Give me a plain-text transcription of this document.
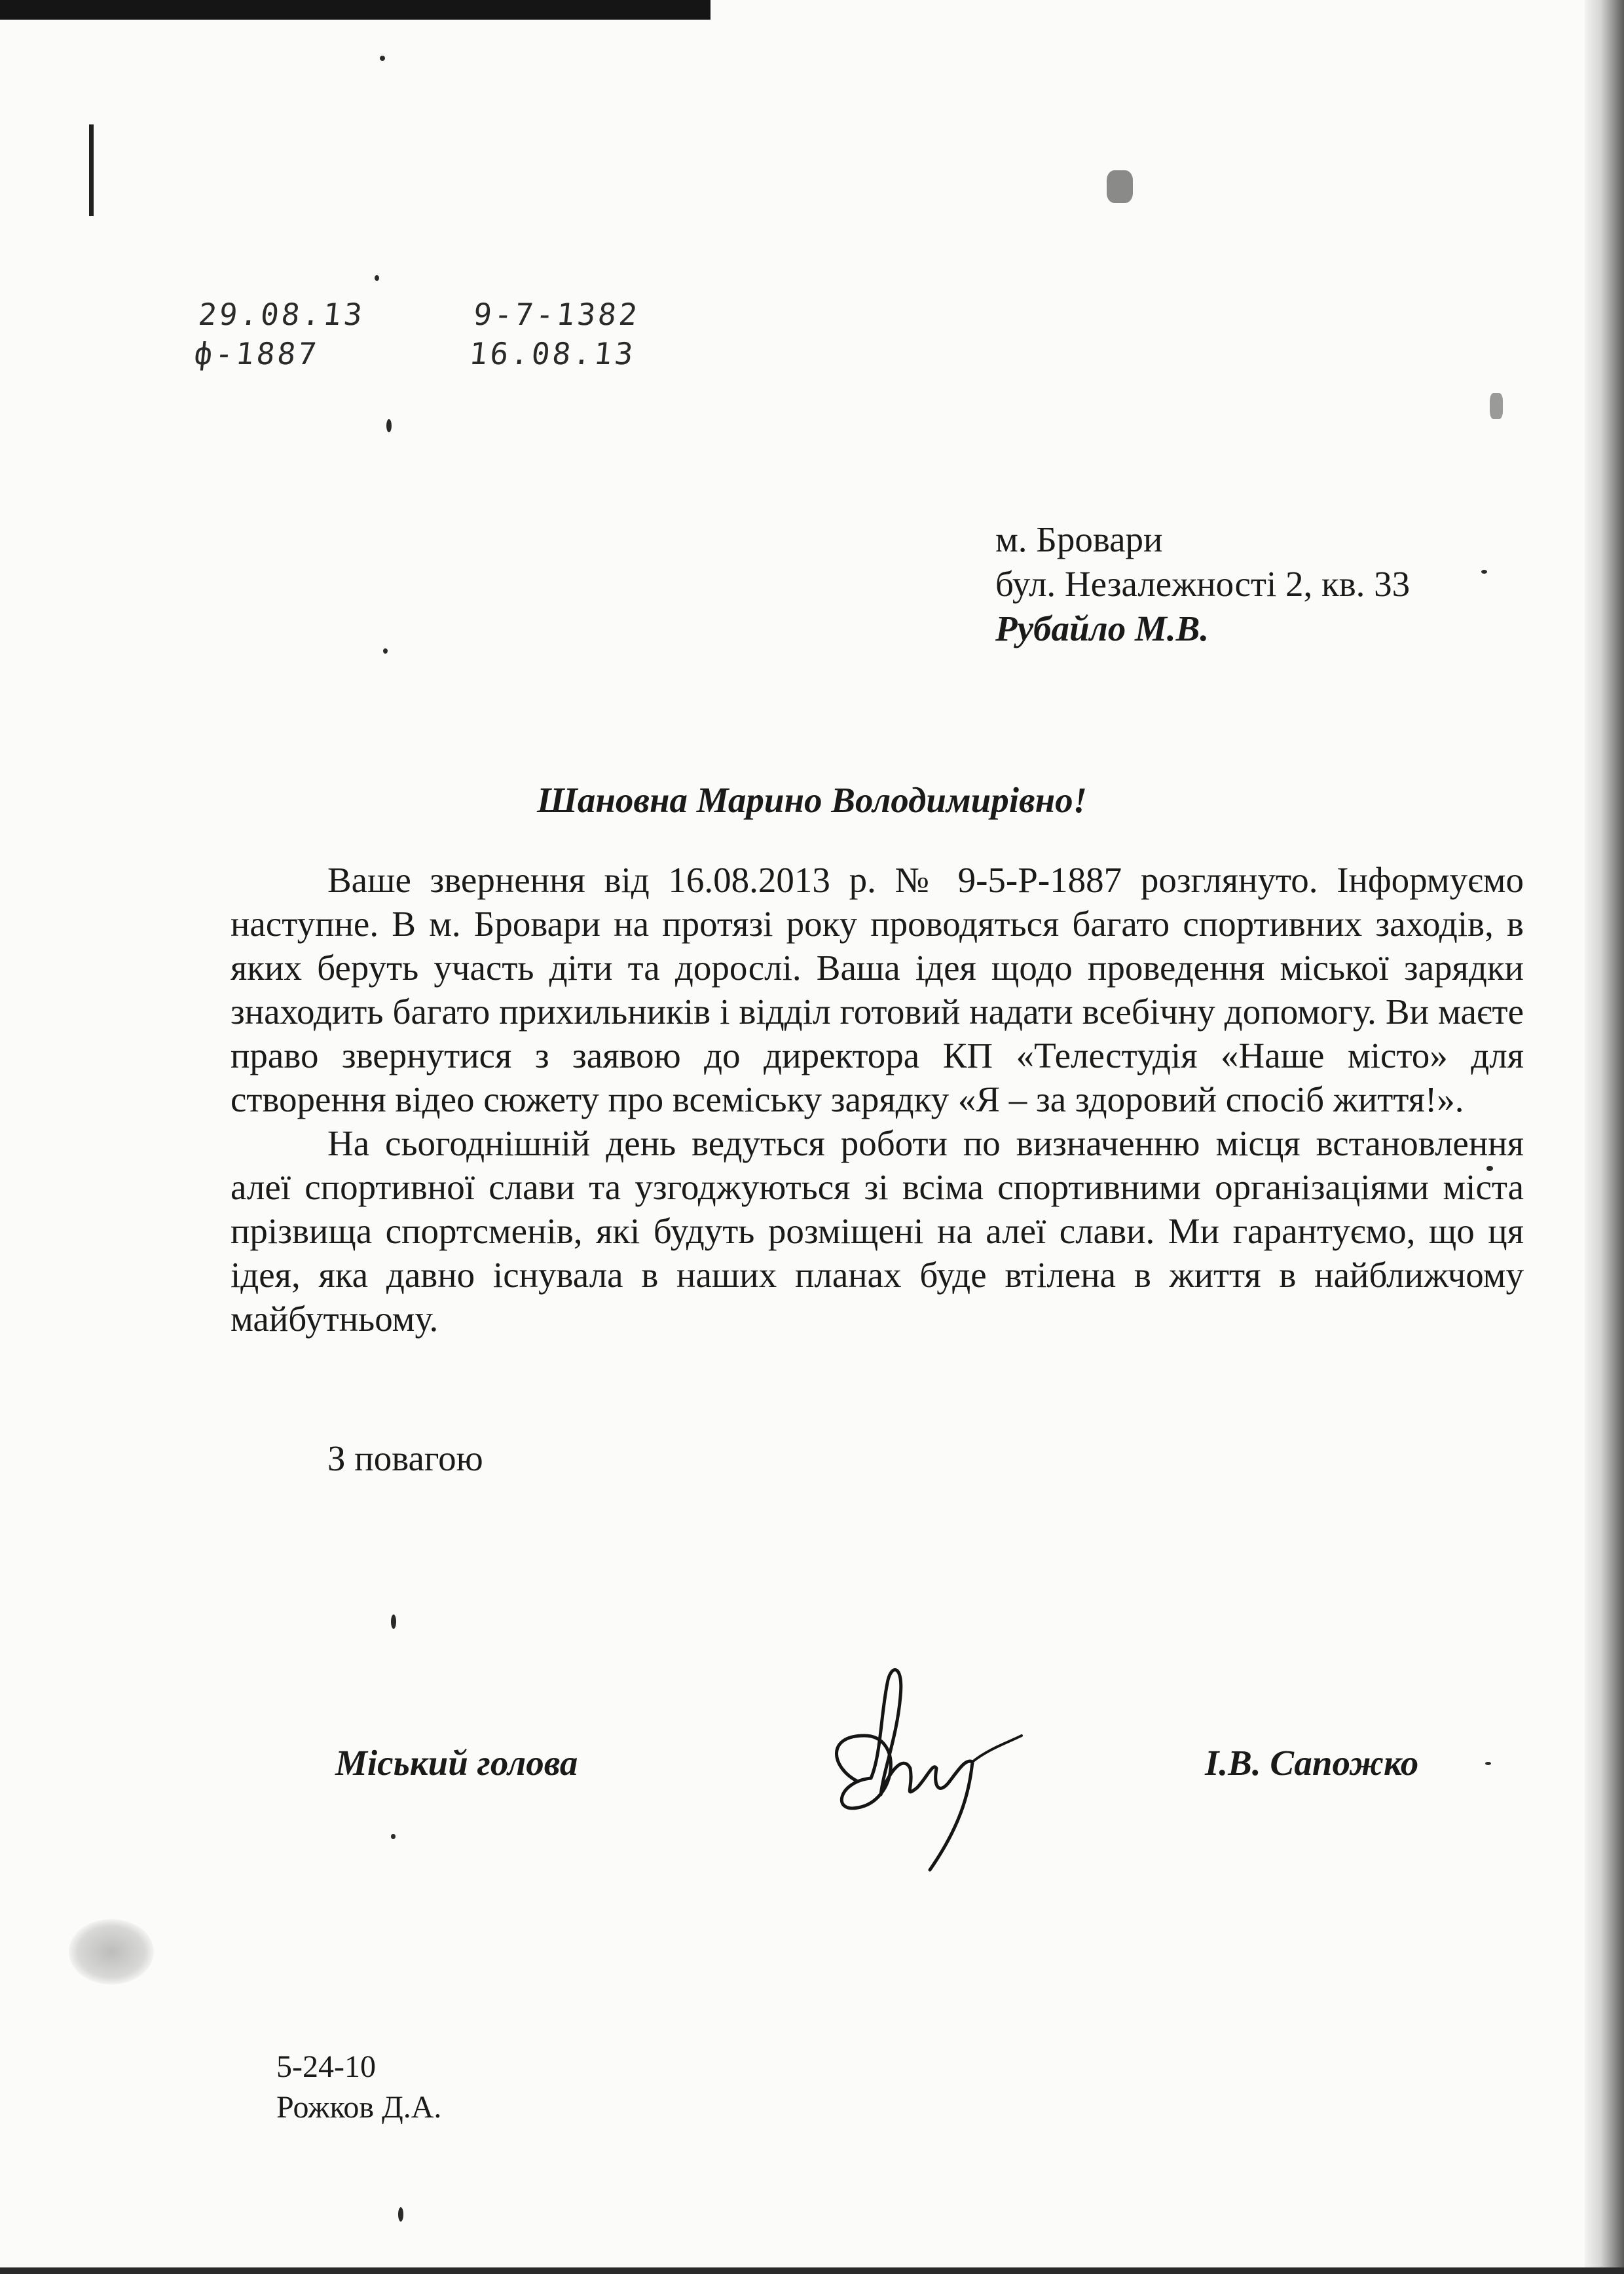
29.08.13	9-7-1382
ф-1887	16.08.13
м. Бровари
бул. Незалежності 2, кв. 33
Рубайло М.В.
Шановна Марино Володимирівно!

Ваше звернення від 16.08.2013 р. № 9-5-Р-1887 розглянуто. Інформуємо наступне. В м. Бровари на протязі року проводяться багато спортивних заходів, в яких беруть участь діти та дорослі. Ваша ідея щодо проведення міської зарядки знаходить багато прихильників і відділ готовий надати всебічну допомогу. Ви маєте право звернутися з заявою до директора КП «Телестудія «Наше місто» для створення відео сюжету про всеміську зарядку «Я – за здоровий спосіб життя!».

На сьогоднішній день ведуться роботи по визначенню місця встановлення алеї спортивної слави та узгоджуються зі всіма спортивними організаціями міста прізвища спортсменів, які будуть розміщені на алеї слави. Ми гарантуємо, що ця ідея, яка давно існувала в наших планах буде втілена в життя в найближчому майбутньому.

З повагою
Міський голова	І.В. Сапожко
5-24-10
Рожков Д.А.
